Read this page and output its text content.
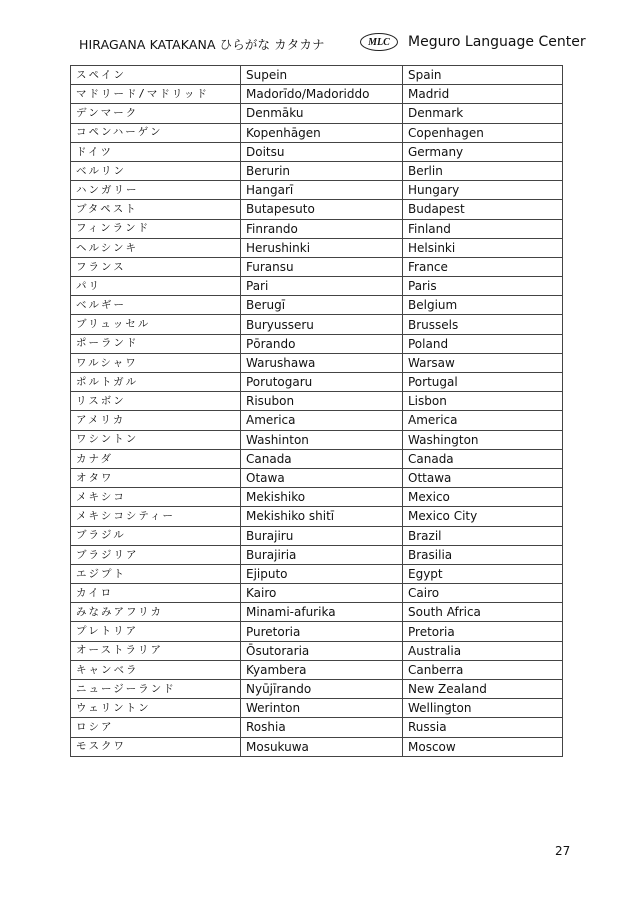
HIRAGANA KATAKANA ひらがな カタカナ	MLC	Meguro Language Center
スペイン	Supein	Spain
マドリード/マドリッド	Madorīdo/Madoriddo	Madrid
デンマーク	Denmāku	Denmark
コペンハーゲン	Kopenhāgen	Copenhagen
ドイツ	Doitsu	Germany
ベルリン	Berurin	Berlin
ハンガリー	Hangarī	Hungary
ブタペスト	Butapesuto	Budapest
フィンランド	Finrando	Finland
ヘルシンキ	Herushinki	Helsinki
フランス	Furansu	France
パリ	Pari	Paris
ベルギー	Berugī	Belgium
ブリュッセル	Buryusseru	Brussels
ポーランド	Pōrando	Poland
ワルシャワ	Warushawa	Warsaw
ポルトガル	Porutogaru	Portugal
リスボン	Risubon	Lisbon
アメリカ	America	America
ワシントン	Washinton	Washington
カナダ	Canada	Canada
オタワ	Otawa	Ottawa
メキシコ	Mekishiko	Mexico
メキシコシティー	Mekishiko shitī	Mexico City
ブラジル	Burajiru	Brazil
ブラジリア	Burajiria	Brasilia
エジプト	Ejiputo	Egypt
カイロ	Kairo	Cairo
みなみアフリカ	Minami-afurika	South Africa
プレトリア	Puretoria	Pretoria
オーストラリア	Ōsutoraria	Australia
キャンベラ	Kyambera	Canberra
ニュージーランド	Nyūjīrando	New Zealand
ウェリントン	Werinton	Wellington
ロシア	Roshia	Russia
モスクワ	Mosukuwa	Moscow
27
